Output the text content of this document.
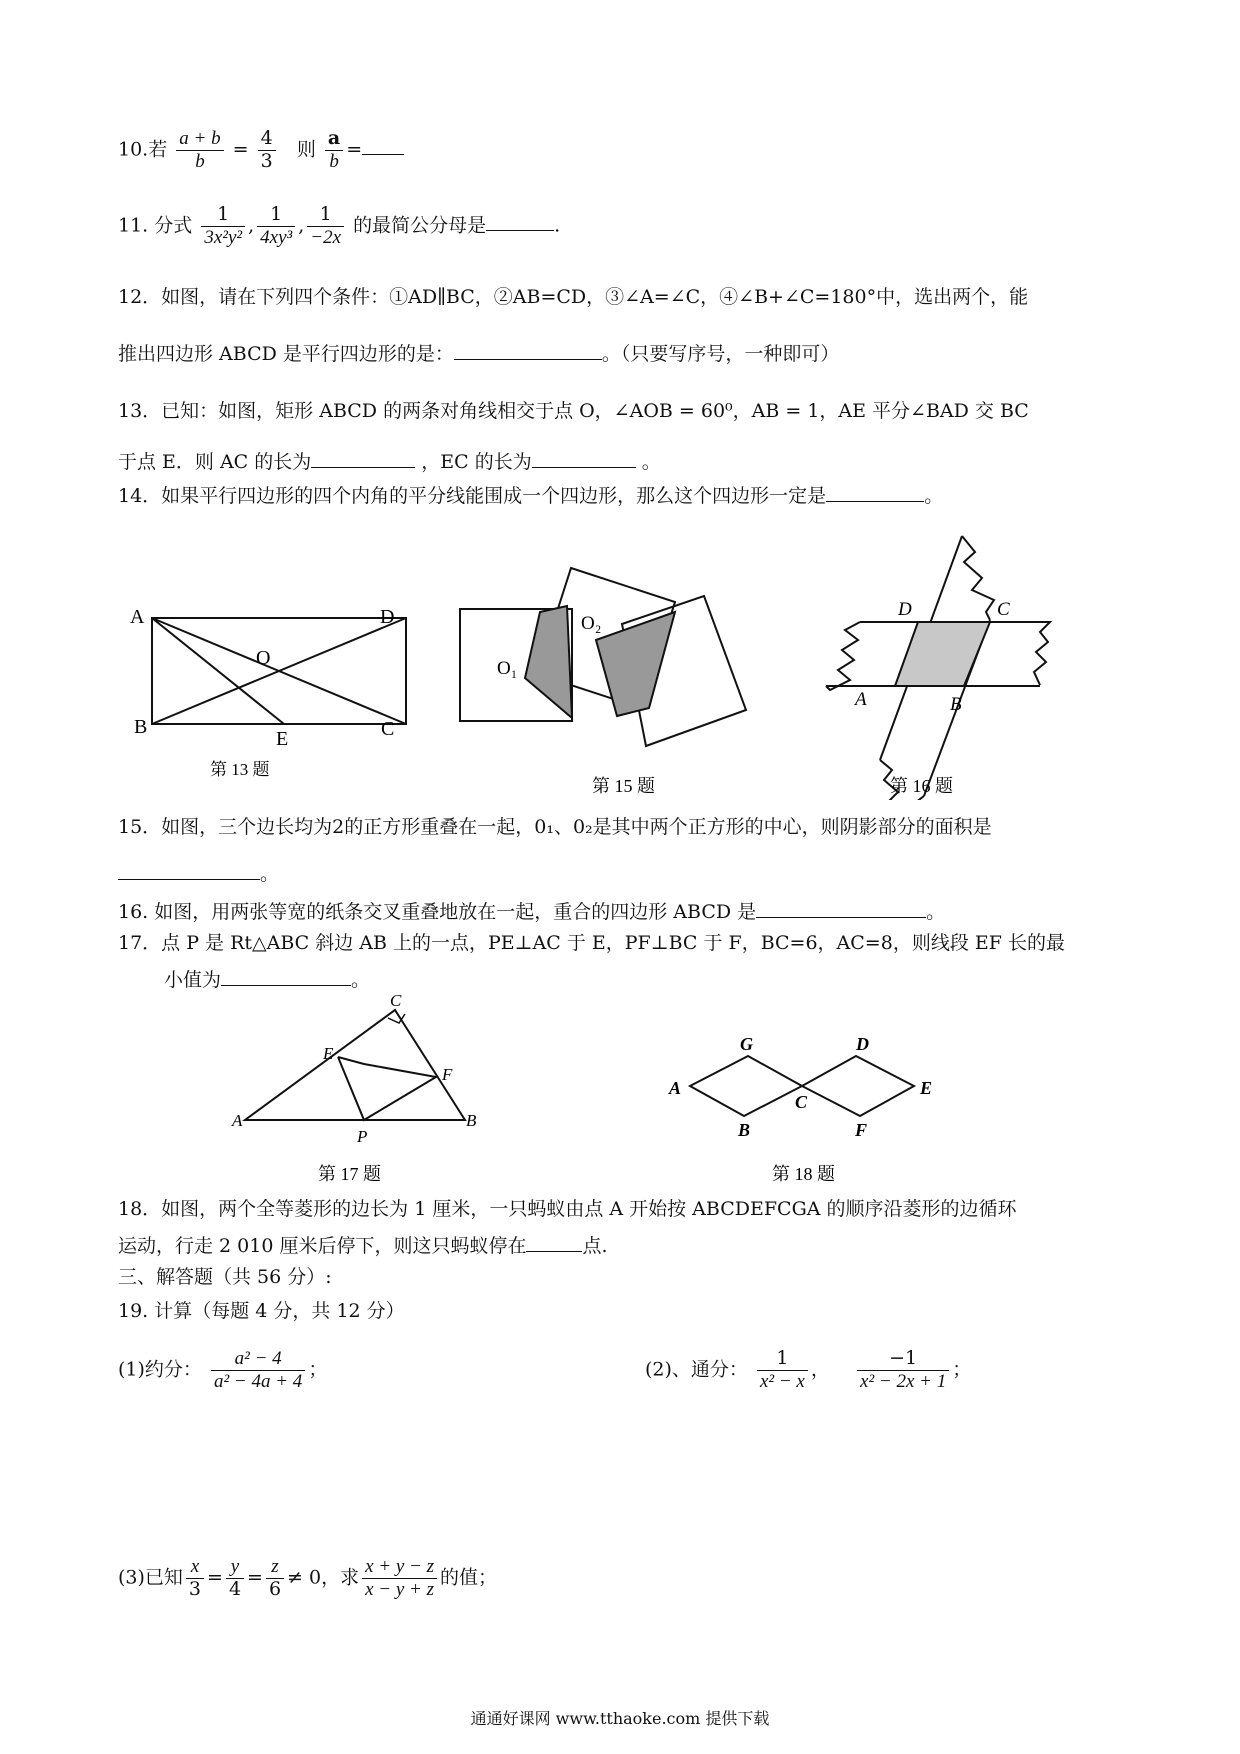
10.若 $\frac{a + b}{b} = \frac{4}{3}$ 则 $\frac{a}{b}$ =
11. 分式 $\frac{1}{\text{3x²y²}}$ , $\frac{1}{\text{4xy³}}$ , $\frac{1}{-2x}$ 的最简公分母是	.
12．如图，请在下列四个条件：①AD∥BC，②AB=CD，③∠A=∠C，④∠B+∠C=180°中，选出两个，能
推出四边形 ABCD 是平行四边形的是：	。（只要写序号，一种即可）
13．已知：如图，矩形 ABCD 的两条对角线相交于点 O，∠AOB = 60⁰，AB = 1，AE 平分∠BAD 交 BC
于点 E．则 AC 的长为	，EC 的长为	。
14．如果平行四边形的四个内角的平分线能围成一个四边形，那么这个四边形一定是	。
A	D
O
B
E	C
第 13 题
O₁
O₂
第 15 题
D	C
A	B
第 16 题
15．如图，三个边长均为2的正方形重叠在一起，0₁、0₂是其中两个正方形的中心，则阴影部分的面积是
。
16. 如图，用两张等宽的纸条交叉重叠地放在一起，重合的四边形 ABCD 是	。
17．点 P 是 Rt△ABC 斜边 AB 上的一点，PE⊥AC 于 E，PF⊥BC 于 F，BC=6，AC=8，则线段 EF 长的最
小值为	。
C
E
F
A
P
B
第 17 题
A
G	D
E
C
B	F
第 18 题
18．如图，两个全等菱形的边长为 1 厘米，一只蚂蚁由点 A 开始按 ABCDEFCGA 的顺序沿菱形的边循环
运动，行走 2 010 厘米后停下，则这只蚂蚁停在	点.
三、解答题（共 56 分）:
19. 计算（每题 4 分，共 12 分）
(1)约分： $\frac{\text{a² − 4}}{\text{a² − 4a + 4}}$ ；	(2)、通分： $\frac{1}{\text{x² − x}}$ ， $\frac{-1}{\text{x² − 2x + 1}}$ ；
(3)已知 $\frac{x}{3} = \frac{y}{4} = \frac{z}{6} \ne 0$，求 $\frac{x + y - z}{x - y + z}$ 的值；
通通好课网 www.tthaoke.com 提供下载
